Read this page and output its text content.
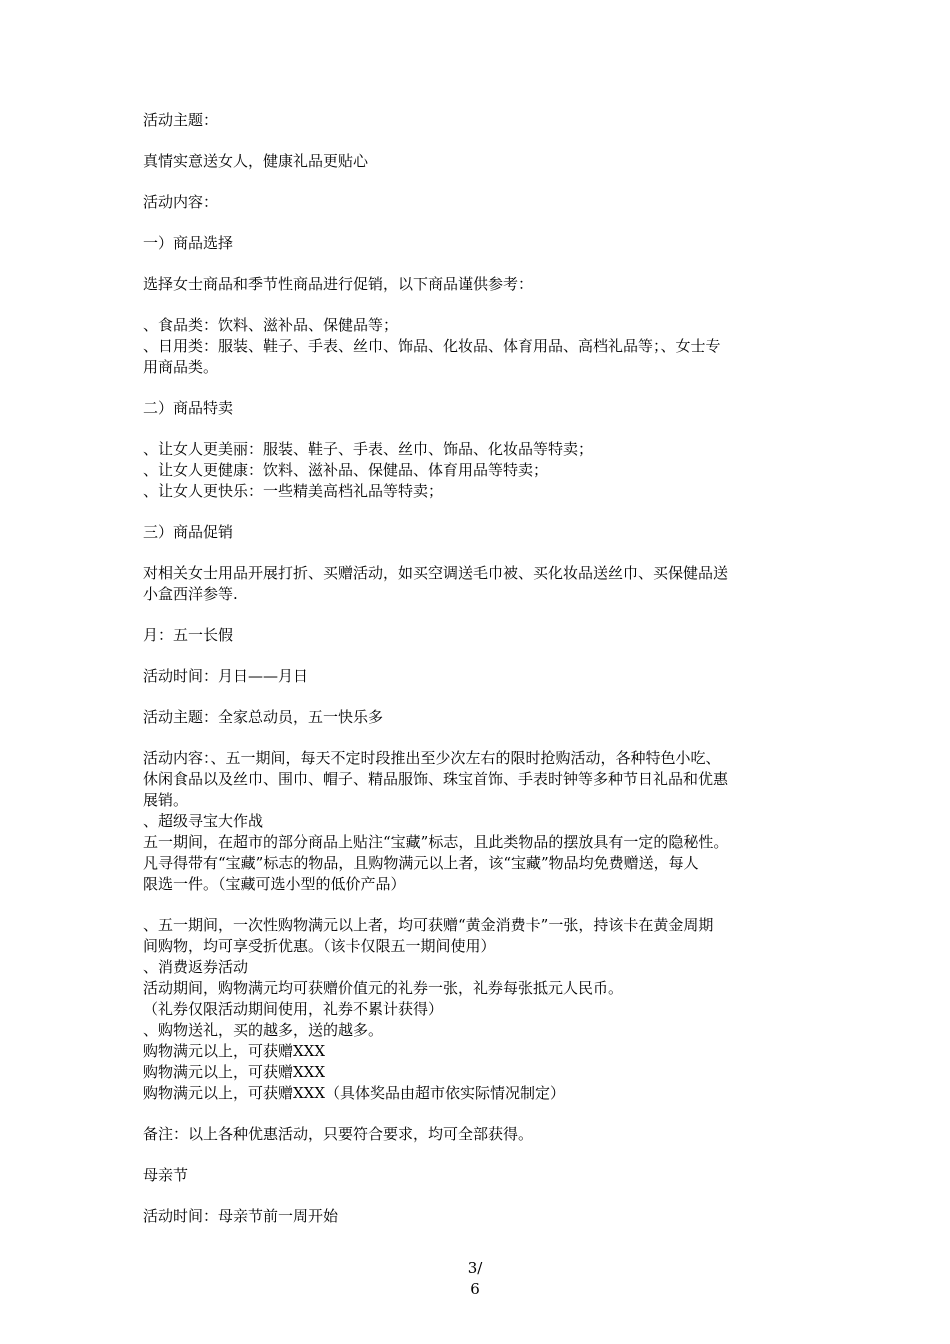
活动主题：
真情实意送女人，健康礼品更贴心
活动内容：
一）商品选择
选择女士商品和季节性商品进行促销，以下商品谨供参考：
、食品类：饮料、滋补品、保健品等；
、日用类：服装、鞋子、手表、丝巾、饰品、化妆品、体育用品、高档礼品等；、女士专
用商品类。
二）商品特卖
、让女人更美丽：服装、鞋子、手表、丝巾、饰品、化妆品等特卖；
、让女人更健康：饮料、滋补品、保健品、体育用品等特卖；
、让女人更快乐：一些精美高档礼品等特卖；
三）商品促销
对相关女士用品开展打折、买赠活动，如买空调送毛巾被、买化妆品送丝巾、买保健品送
小盒西洋参等.
月：五一长假
活动时间：月日——月日
活动主题：全家总动员，五一快乐多
活动内容：、五一期间，每天不定时段推出至少次左右的限时抢购活动，各种特色小吃、
休闲食品以及丝巾、围巾、帽子、精品服饰、珠宝首饰、手表时钟等多种节日礼品和优惠
展销。
、超级寻宝大作战
五一期间，在超市的部分商品上贴注“宝藏”标志，且此类物品的摆放具有一定的隐秘性。
凡寻得带有“宝藏”标志的物品，且购物满元以上者，该“宝藏”物品均免费赠送，每人
限选一件。（宝藏可选小型的低价产品）
、五一期间，一次性购物满元以上者，均可获赠“黄金消费卡”一张，持该卡在黄金周期
间购物，均可享受折优惠。（该卡仅限五一期间使用）
、消费返券活动
活动期间，购物满元均可获赠价值元的礼券一张，礼券每张抵元人民币。
（礼券仅限活动期间使用，礼券不累计获得）
、购物送礼，买的越多，送的越多。
购物满元以上，可获赠XXX
购物满元以上，可获赠XXX
购物满元以上，可获赠XXX（具体奖品由超市依实际情况制定）
备注：以上各种优惠活动，只要符合要求，均可全部获得。
母亲节
活动时间：母亲节前一周开始
3/
6
